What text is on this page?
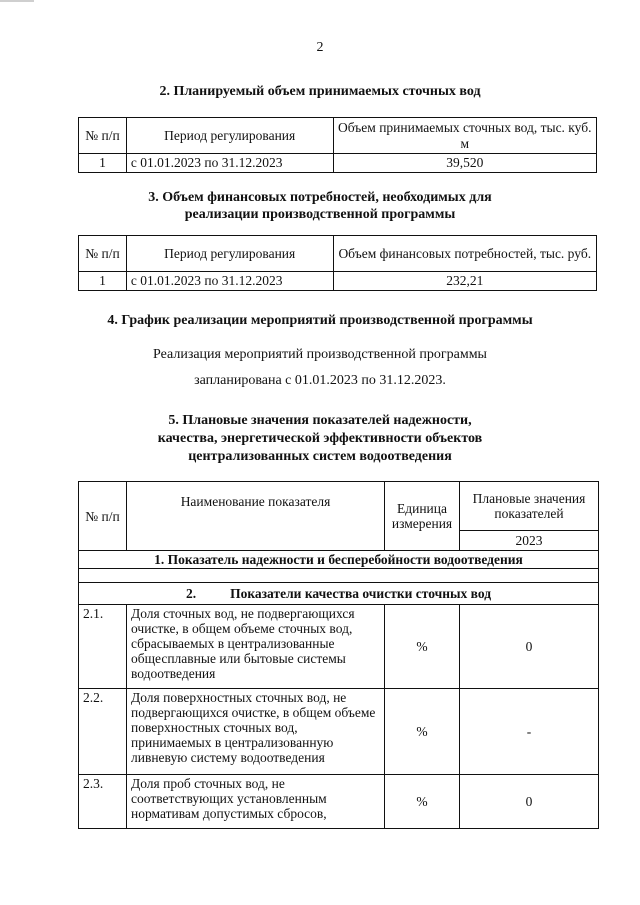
2
2. Планируемый объем принимаемых сточных вод
№ п/п	Период регулирования	Объем принимаемых сточных вод, тыс. куб. м
1	с 01.01.2023 по 31.12.2023	39,520
3. Объем финансовых потребностей, необходимых для
реализации производственной программы
№ п/п	Период регулирования	Объем финансовых потребностей, тыс. руб.
1	с 01.01.2023 по 31.12.2023	232,21
4. График реализации мероприятий производственной программы
Реализация мероприятий производственной программы
запланирована с 01.01.2023 по 31.12.2023.
5. Плановые значения показателей надежности,
качества, энергетической эффективности объектов
централизованных систем водоотведения
№ п/п	Наименование показателя	Единица измерения	Плановые значения показателей
			2023
1. Показатель надежности и бесперебойности водоотведения			

2. Показатели качества очистки сточных вод			
2.1.	Доля сточных вод, не подвергающихся очистке, в общем объеме сточных вод, сбрасываемых в централизованные общесплавные или бытовые системы водоотведения	%	0
2.2.	Доля поверхностных сточных вод, не подвергающихся очистке, в общем объеме поверхностных сточных вод, принимаемых в централизованную ливневую систему водоотведения	%	-
2.3.	Доля проб сточных вод, не соответствующих установленным нормативам допустимых сбросов,	%	0
